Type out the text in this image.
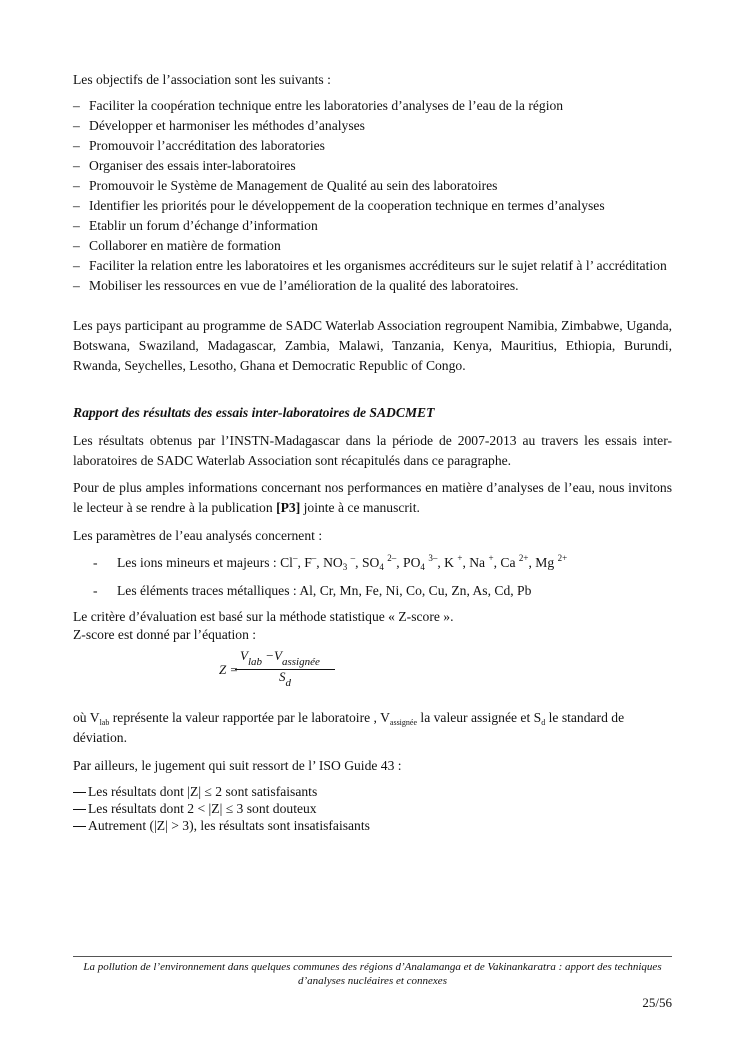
Les objectifs de l’association sont les suivants :

– Faciliter la coopération technique entre les laboratories d’analyses de l’eau de la région
– Développer et harmoniser les méthodes d’analyses
– Promouvoir l’accréditation des laboratories
– Organiser des essais inter-laboratoires
– Promouvoir le Système de Management de Qualité au sein des laboratoires
– Identifier les priorités pour le développement de la cooperation technique en termes d’analyses
– Etablir un forum d’échange d’information
– Collaborer en matière de formation
– Faciliter la relation entre les laboratoires et les organismes accréditeurs sur le sujet relatif à l’ accréditation
– Mobiliser les ressources en vue de l’amélioration de la qualité des laboratoires.

Les pays participant au programme de SADC Waterlab Association regroupent Namibia, Zimbabwe, Uganda, Botswana, Swaziland, Madagascar, Zambia, Malawi, Tanzania, Kenya, Mauritius, Ethiopia, Burundi, Rwanda, Seychelles, Lesotho, Ghana et Democratic Republic of Congo.

Rapport des résultats des essais inter-laboratoires de SADCMET

Les résultats obtenus par l’INSTN-Madagascar dans la période de 2007-2013 au travers les essais inter-laboratoires de SADC Waterlab Association sont récapitulés dans ce paragraphe.

Pour de plus amples informations concernant nos performances en matière d’analyses de l’eau, nous invitons le lecteur à se rendre à la publication [P3] jointe à ce manuscrit.

Les paramètres de l’eau analysés concernent :

- Les ions mineurs et majeurs : Cl–, F–, $NO_3$ –, $SO_4$ $^{2-}$, $PO_4$ $^{3-}$, K +, Na +, Ca $^{2+}$, Mg $^{2+}$
- Les éléments traces métalliques : Al, Cr, Mn, Fe, Ni, Co, Cu, Zn, As, Cd, Pb

Le critère d’évaluation est basé sur la méthode statistique « Z-score ».

Z-score est donné par l’équation :

Z =
$V_{lab} -V_{assignée}$
$S_d$

où $V_{lab}$ représente la valeur rapportée par le laboratoire , $V_{assignée}$ la valeur assignée et $S_d$ le standard de déviation.

Par ailleurs, le jugement qui suit ressort de l’ ISO Guide 43 :

Les résultats dont |Z| ≤ 2 sont satisfaisants
Les résultats dont 2 < |Z| ≤ 3 sont douteux
Autrement (|Z| > 3), les résultats sont insatisfaisants

La pollution de l’environnement dans quelques communes des régions d’Analamanga et de Vakinankaratra : apport des techniques d’analyses nucléaires et connexes

25/56
